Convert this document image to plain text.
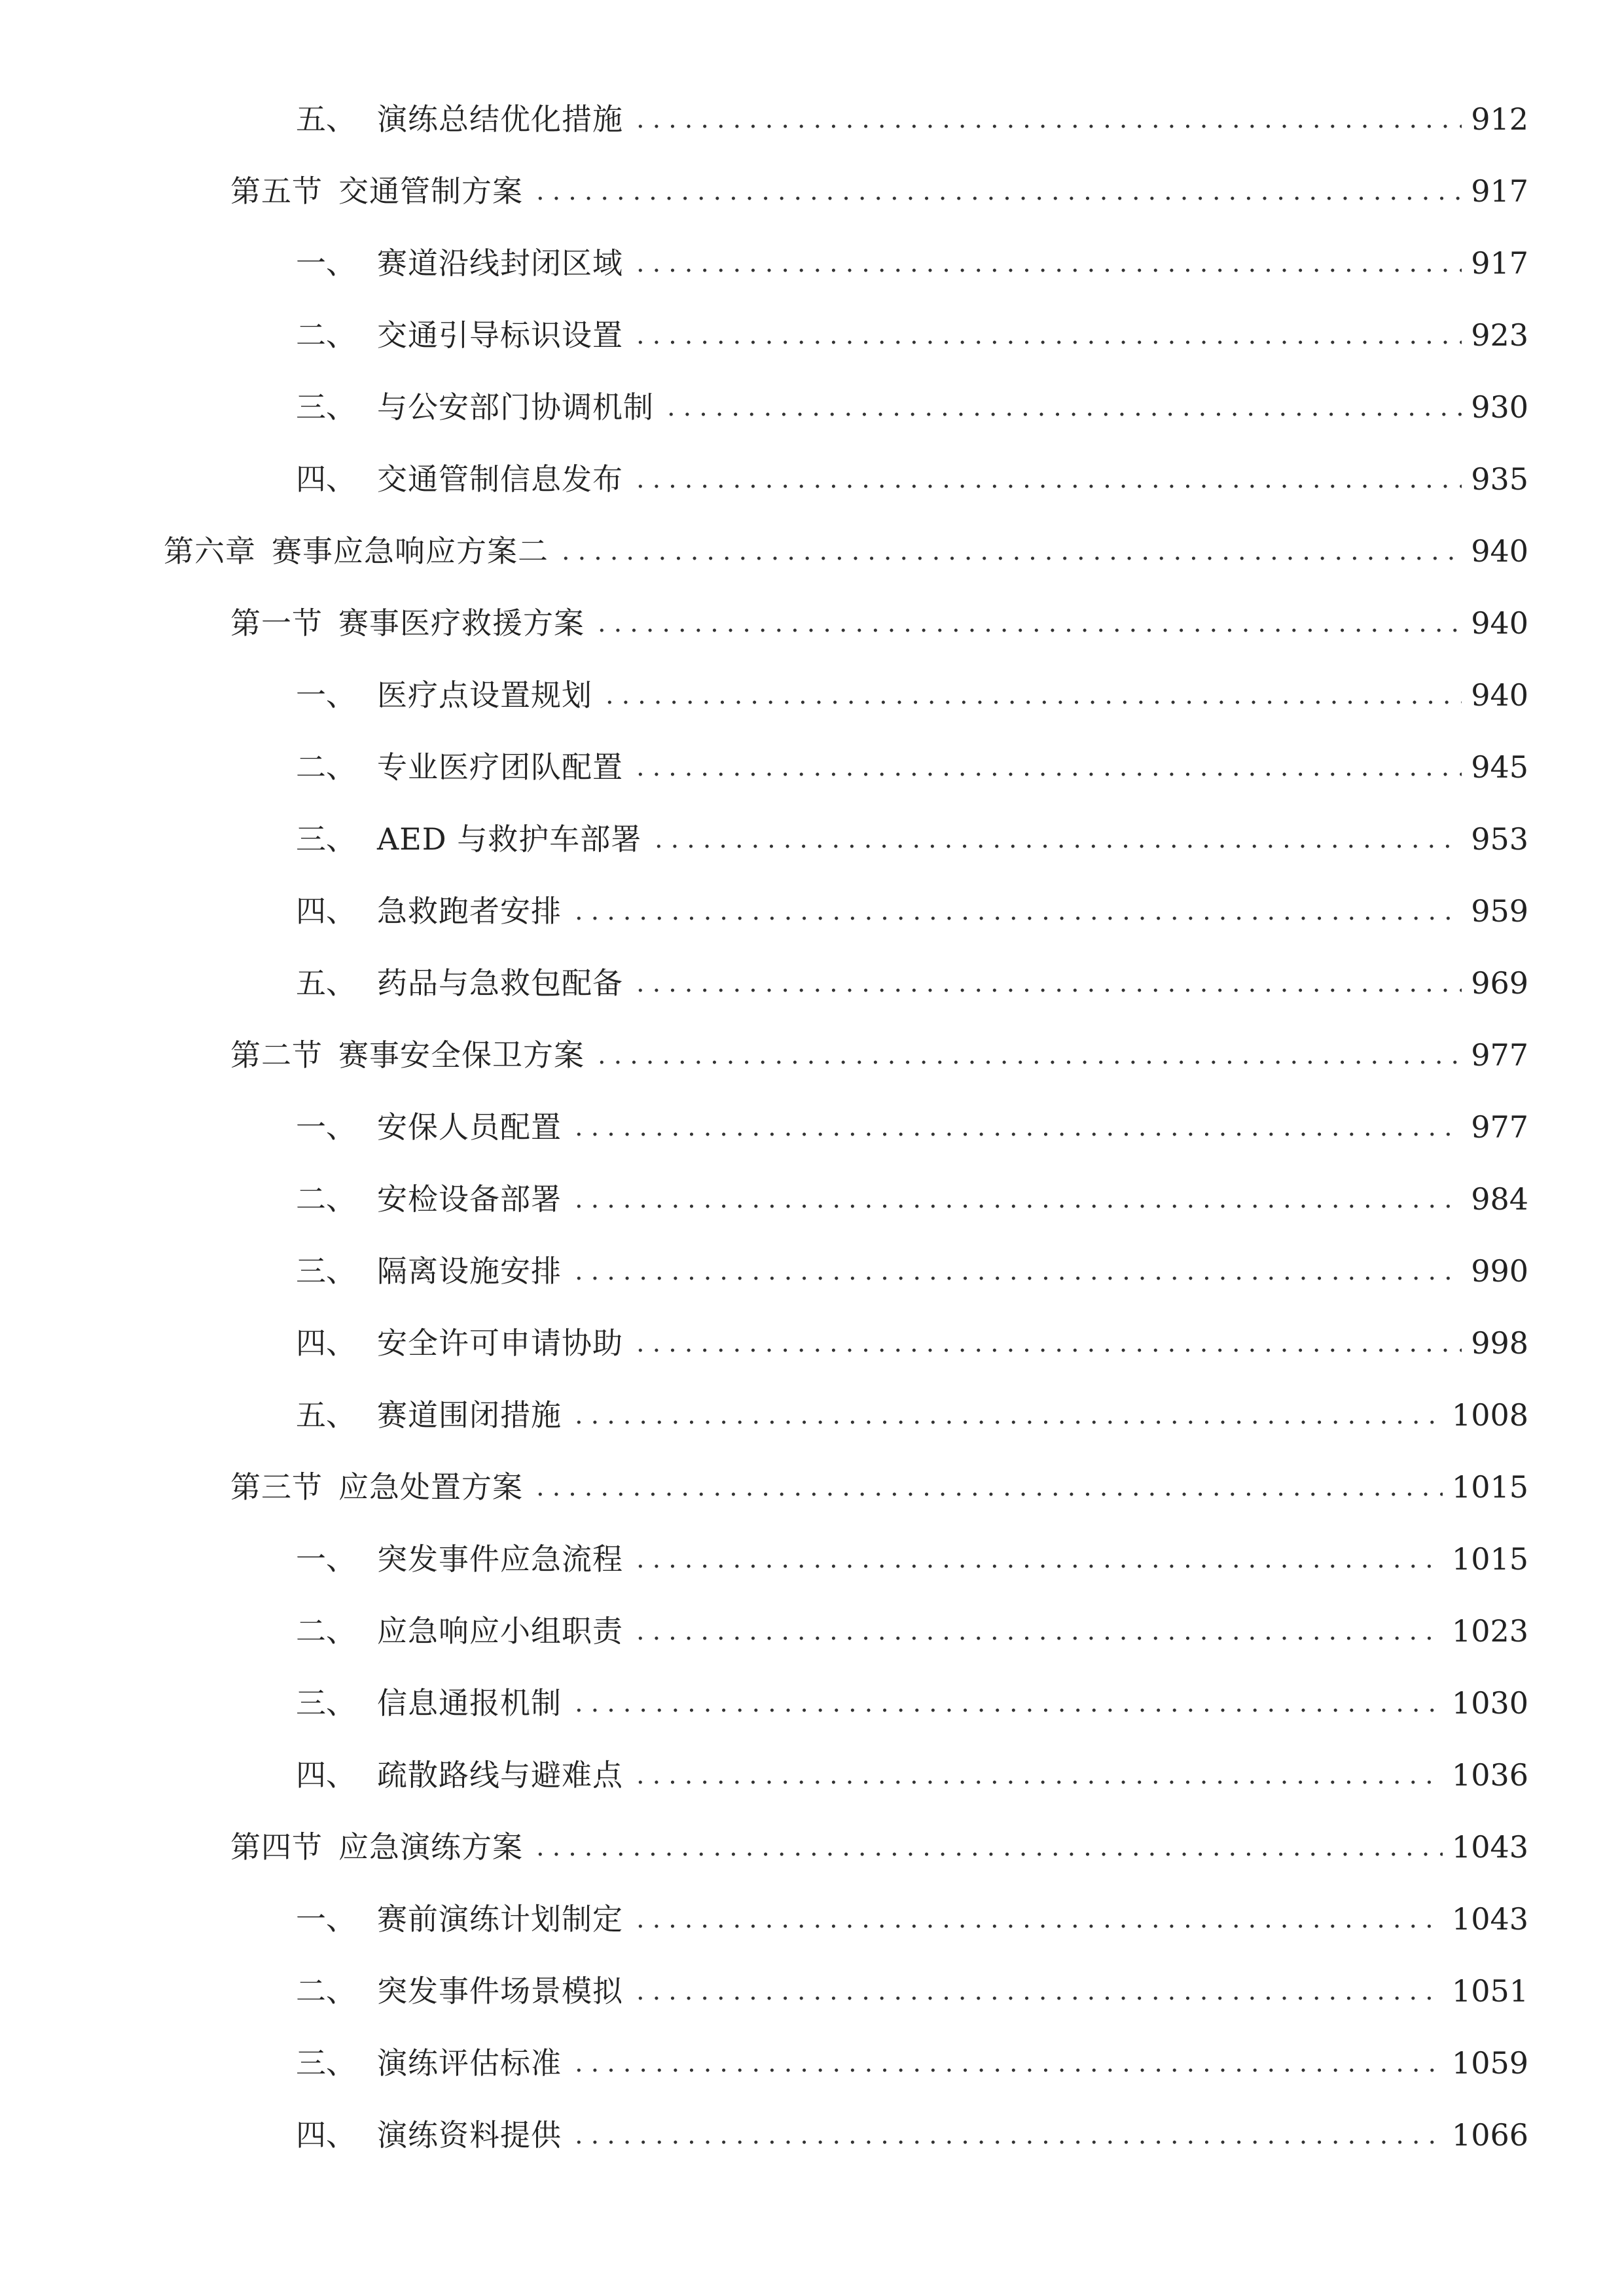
五、 演练总结优化措施	912
第五节 交通管制方案	917
一、 赛道沿线封闭区域	917
二、 交通引导标识设置	923
三、 与公安部门协调机制	930
四、 交通管制信息发布	935
第六章 赛事应急响应方案二	940
第一节 赛事医疗救援方案	940
一、 医疗点设置规划	940
二、 专业医疗团队配置	945
三、 AED 与救护车部署	953
四、 急救跑者安排	959
五、 药品与急救包配备	969
第二节 赛事安全保卫方案	977
一、 安保人员配置	977
二、 安检设备部署	984
三、 隔离设施安排	990
四、 安全许可申请协助	998
五、 赛道围闭措施	1008
第三节 应急处置方案	1015
一、 突发事件应急流程	1015
二、 应急响应小组职责	1023
三、 信息通报机制	1030
四、 疏散路线与避难点	1036
第四节 应急演练方案	1043
一、 赛前演练计划制定	1043
二、 突发事件场景模拟	1051
三、 演练评估标准	1059
四、 演练资料提供	1066
